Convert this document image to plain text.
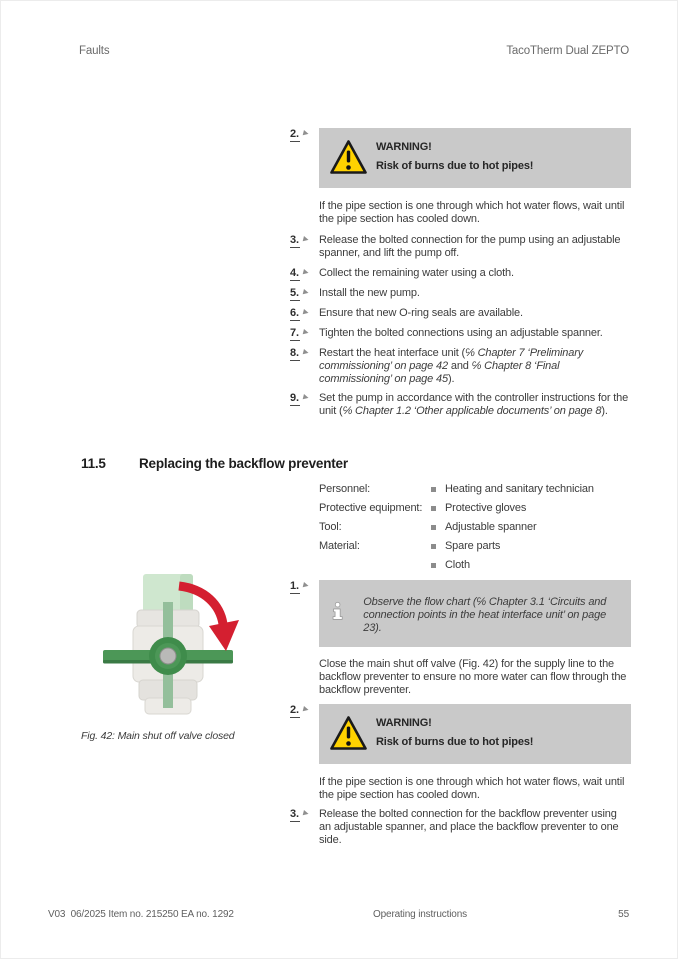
Faults	TacoTherm Dual ZEPTO
2. ▶
WARNING!
Risk of burns due to hot pipes!
If the pipe section is one through which hot water flows, wait until the pipe section has cooled down.
3. ▶ Release the bolted connection for the pump using an adjustable spanner, and lift the pump off.
4. ▶ Collect the remaining water using a cloth.
5. ▶ Install the new pump.
6. ▶ Ensure that new O-ring seals are available.
7. ▶ Tighten the bolted connections using an adjustable spanner.
8. ▶ Restart the heat interface unit (℅ Chapter 7 ‘Preliminary commissioning’ on page 42 and ℅ Chapter 8 ‘Final commissioning’ on page 45).
9. ▶ Set the pump in accordance with the controller instructions for the unit (℅ Chapter 1.2 ‘Other applicable documents’ on page 8).
11.5	Replacing the backflow preventer
Personnel:	Heating and sanitary technician
Protective equipment:	Protective gloves
Tool:	Adjustable spanner
Material:	Spare parts
Cloth
Fig. 42: Main shut off valve closed
1. ▶
Observe the flow chart (℅ Chapter 3.1 ‘Circuits and connection points in the heat interface unit’ on page 23).
Close the main shut off valve (Fig. 42) for the supply line to the backflow preventer to ensure no more water can flow through the backflow preventer.
2. ▶
WARNING!
Risk of burns due to hot pipes!
If the pipe section is one through which hot water flows, wait until the pipe section has cooled down.
3. ▶ Release the bolted connection for the backflow preventer using an adjustable spanner, and place the backflow preventer to one side.
V03  06/2025 Item no. 215250 EA no. 1292	Operating instructions	55
